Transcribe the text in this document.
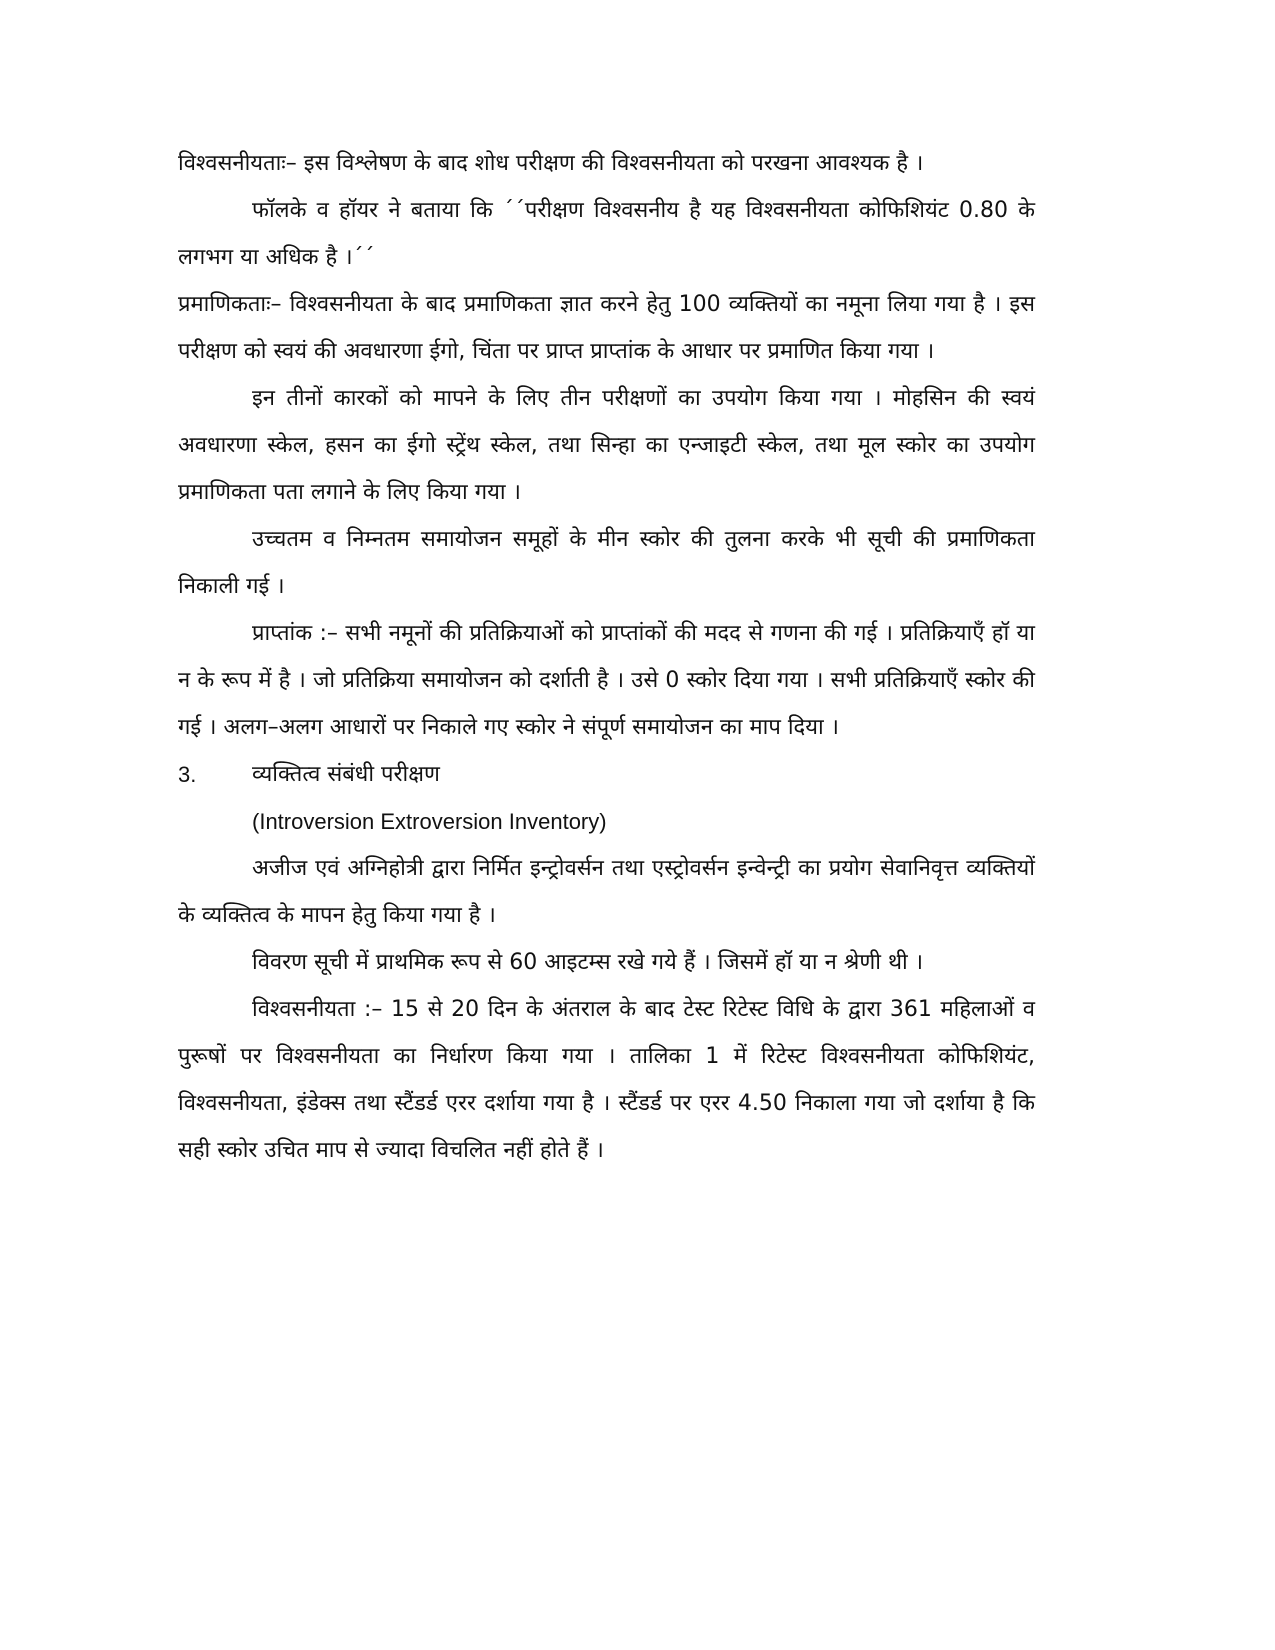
विश्वसनीयताः– इस विश्लेषण के बाद शोध परीक्षण की विश्वसनीयता को परखना आवश्यक है ।

फॉलके व हॉयर ने बताया कि ´´परीक्षण विश्वसनीय है यह विश्वसनीयता कोफिशियंट 0.80 के लगभग या अधिक है ।´´

प्रमाणिकताः– विश्वसनीयता के बाद प्रमाणिकता ज्ञात करने हेतु 100 व्यक्तियों का नमूना लिया गया है । इस परीक्षण को स्वयं की अवधारणा ईगो, चिंता पर प्राप्त प्राप्तांक के आधार पर प्रमाणित किया गया ।

इन तीनों कारकों को मापने के लिए तीन परीक्षणों का उपयोग किया गया । मोहसिन की स्वयं अवधारणा स्केल, हसन का ईगो स्ट्रेंथ स्केल, तथा सिन्हा का एन्जाइटी स्केल, तथा मूल स्कोर का उपयोग प्रमाणिकता पता लगाने के लिए किया गया ।

उच्चतम व निम्नतम समायोजन समूहों के मीन स्कोर की तुलना करके भी सूची की प्रमाणिकता निकाली गई ।

प्राप्तांक :– सभी नमूनों की प्रतिक्रियाओं को प्राप्तांकों की मदद से गणना की गई । प्रतिक्रियाएँ हॉ या न के रूप में है । जो प्रतिक्रिया समायोजन को दर्शाती है । उसे 0 स्कोर दिया गया । सभी प्रतिक्रियाएँ स्कोर की गई । अलग–अलग आधारों पर निकाले गए स्कोर ने संपूर्ण समायोजन का माप दिया ।

3.	व्यक्तित्व संबंधी परीक्षण

(Introversion Extroversion Inventory)

अजीज एवं अग्निहोत्री द्वारा निर्मित इन्ट्रोवर्सन तथा एस्ट्रोवर्सन इन्वेन्ट्री का प्रयोग सेवानिवृत्त व्यक्तियों के व्यक्तित्व के मापन हेतु किया गया है ।

विवरण सूची में प्राथमिक रूप से 60 आइटम्स रखे गये हैं । जिसमें हॉ या न श्रेणी थी ।

विश्वसनीयता :– 15 से 20 दिन के अंतराल के बाद टेस्ट रिटेस्ट विधि के द्वारा 361 महिलाओं व पुरूषों पर विश्वसनीयता का निर्धारण किया गया । तालिका 1 में रिटेस्ट विश्वसनीयता कोफिशियंट, विश्वसनीयता, इंडेक्स तथा स्टैंडर्ड एरर दर्शाया गया है । स्टैंडर्ड पर एरर 4.50 निकाला गया जो दर्शाया है कि सही स्कोर उचित माप से ज्यादा विचलित नहीं होते हैं ।
